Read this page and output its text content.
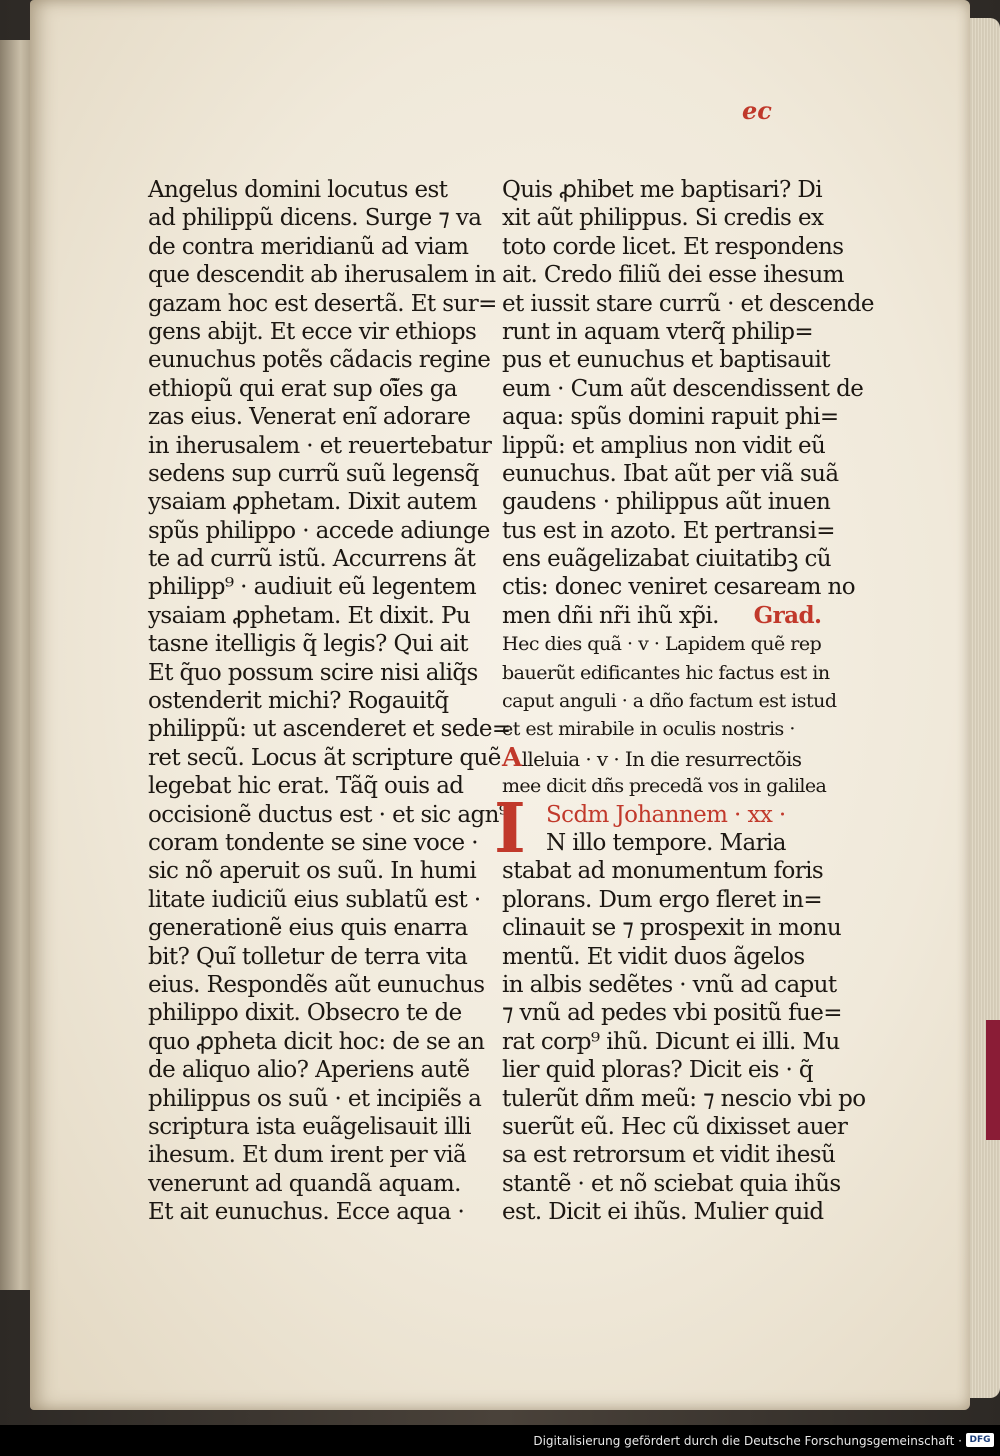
ec
Angelus domini locutus est
ad philippũ dicens. Surge ⁊ va
de contra meridianũ ad viam
que descendit ab iherusalem in
gazam hoc est desertã. Et sur=
gens abijt. Et ecce vir ethiops
eunuchus potẽs cãdacis regine
ethiopũ qui erat sup oĩ̃es ga
zas eius. Venerat enĩ adorare
in iherusalem · et reuertebatur
sedens sup currũ suũ legensq̃
ysaiam ꝓphetam. Dixit autem
spũs philippo · accede adiunge
te ad currũ istũ. Accurrens ãt
philipp⁹ · audiuit eũ legentem
ysaiam ꝓphetam. Et dixit. Pu
tasne itelligis q̃ legis? Qui ait
Et q̃uo possum scire nisi aliq̃s
ostenderit michi? Rogauitq̃
philippũ: ut ascenderet et sede=
ret secũ. Locus ãt scripture quẽ
legebat hic erat. Tãq̃ ouis ad
occisionẽ ductus est · et sic agn⁹
coram tondente se sine voce ·
sic nõ aperuit os suũ. In humi
litate iudiciũ eius sublatũ est ·
generationẽ eius quis enarra
bit? Quĩ tolletur de terra vita
eius. Respondẽs aũt eunuchus
philippo dixit. Obsecro te de
quo ꝓpheta dicit hoc: de se an
de aliquo alio? Aperiens autẽ
philippus os suũ · et incipiẽs a
scriptura ista euãgelisauit illi
ihesum. Et dum irent per viã
venerunt ad quandã aquam.
Et ait eunuchus. Ecce aqua ·
Quis ꝓhibet me baptisari? Di
xit aũt philippus. Si credis ex
toto corde licet. Et respondens
ait. Credo filiũ dei esse ihesum
et iussit stare currũ · et descende
runt in aquam vterq̃ philip=
pus et eunuchus et baptisauit
eum · Cum aũt descendissent de
aqua: spũs domini rapuit phi=
lippũ: et amplius non vidit eũ
eunuchus. Ibat aũt per viã suã
gaudens · philippus aũt inuen
tus est in azoto. Et pertransi=
ens euãgelizabat ciuitatibꝫ cũ
ctis: donec veniret cesaream no
men dñi nr̃i ihũ xp̃i. Grad.
Hec dies quã · v · Lapidem quẽ rep
bauerũt edificantes hic factus est in
caput anguli · a dño factum est istud
et est mirabile in oculis nostris ·
Alleluia · v · In die resurrectõis
mee dicit dñs precedã vos in galilea
I Scdm Johannem · xx ·
N illo tempore. Maria
stabat ad monumentum foris
plorans. Dum ergo fleret in=
clinauit se ⁊ prospexit in monu
mentũ. Et vidit duos ãgelos
in albis sedẽtes · vnũ ad caput
⁊ vnũ ad pedes vbi positũ fue=
rat corp⁹ ihũ. Dicunt ei illi. Mu
lier quid ploras? Dicit eis · q̃
tulerũt dñm meũ: ⁊ nescio vbi po
suerũt eũ. Hec cũ dixisset auer
sa est retrorsum et vidit ihesũ
stantẽ · et nõ sciebat quia ihũs
est. Dicit ei ihũs. Mulier quid
Digitalisierung gefördert durch die Deutsche Forschungsgemeinschaft · DFG
